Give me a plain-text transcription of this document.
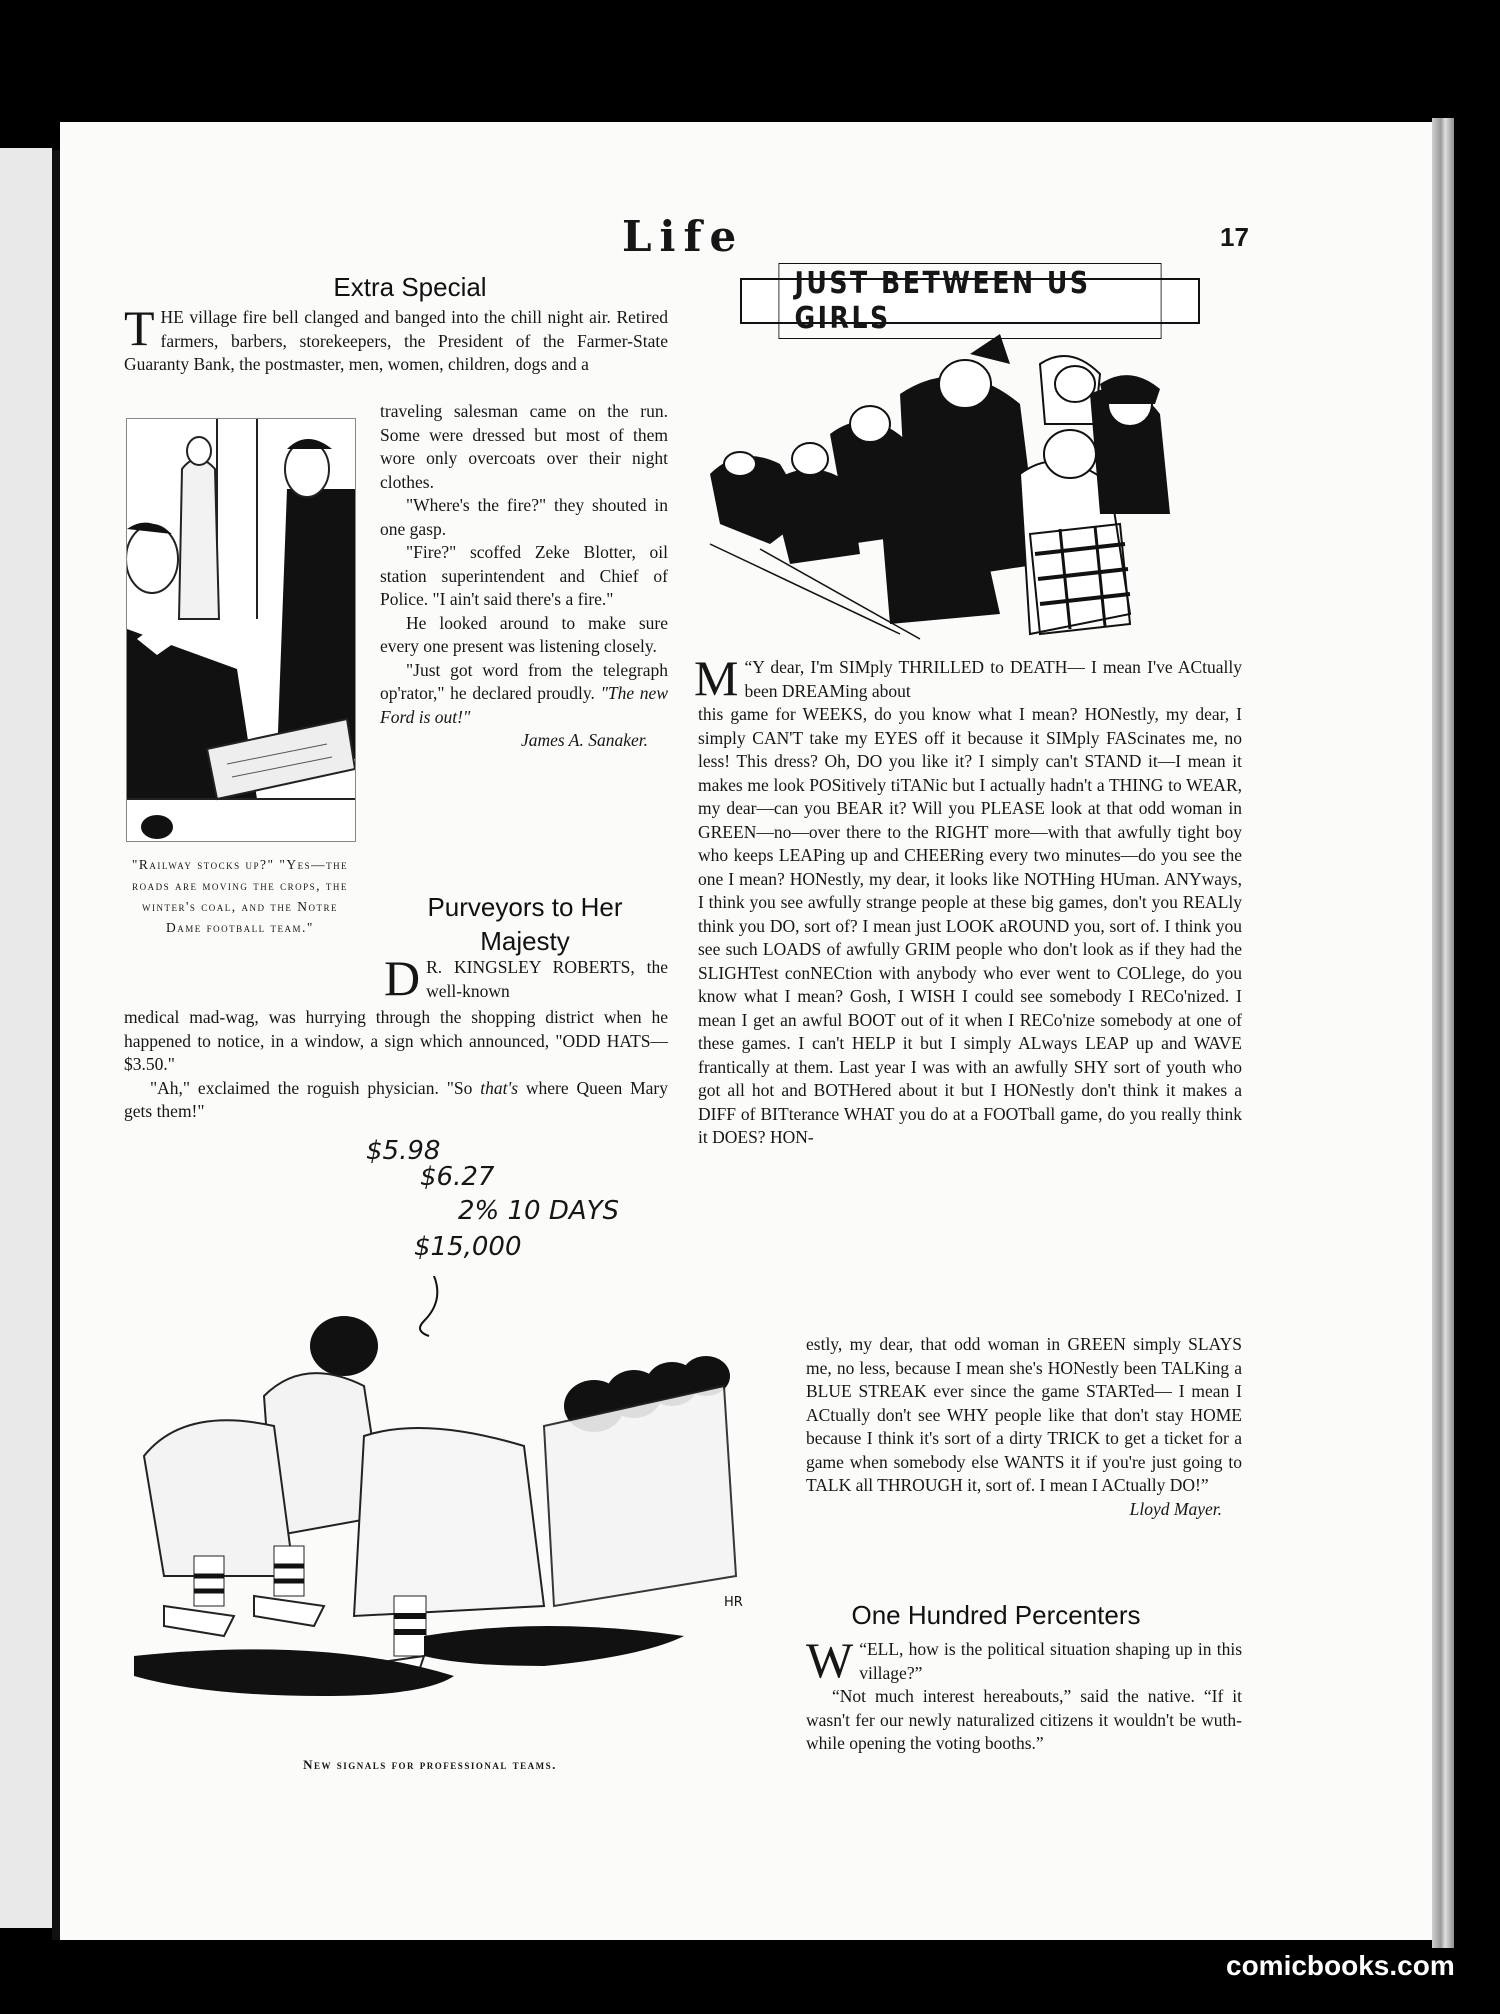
Life	17
Extra Special

THE village fire bell clanged and banged into the chill night air. Retired farmers, barbers, storekeepers, the President of the Farmer-State Guaranty Bank, the postmaster, men, women, children, dogs and a

traveling salesman came on the run. Some were dressed but most of them wore only overcoats over their night clothes.

"Where's the fire?" they shouted in one gasp.

"Fire?" scoffed Zeke Blotter, oil station superintendent and Chief of Police. "I ain't said there's a fire."

He looked around to make sure every one present was listening closely.

"Just got word from the telegraph op'rator," he declared proudly. "The new Ford is out!"

James A. Sanaker.

"Railway stocks up?" "Yes—the roads are moving the crops, the winter's coal, and the Notre Dame football team."
Purveyors to Her Majesty

D R. KINGSLEY ROBERTS, the well-known

medical mad-wag, was hurrying through the shopping district when he happened to notice, in a window, a sign which announced, "ODD HATS—$3.50."

"Ah," exclaimed the roguish physician. "So that's where Queen Mary gets them!"

$5.98
$6.27
2% 10 DAYS
$15,000
HR
New signals for professional teams.
JUST BETWEEN US GIRLS

M “Y dear, I'm SIMply THRILLED to DEATH— I mean I've ACtually been DREAMing about

this game for WEEKS, do you know what I mean? HONestly, my dear, I simply CAN'T take my EYES off it because it SIMply FAScinates me, no less! This dress? Oh, DO you like it? I simply can't STAND it—I mean it makes me look POSitively tiTANic but I actually hadn't a THING to WEAR, my dear—can you BEAR it? Will you PLEASE look at that odd woman in GREEN—no—over there to the RIGHT more—with that awfully tight boy who keeps LEAPing up and CHEERing every two minutes—do you see the one I mean? HONestly, my dear, it looks like NOTHing HUman. ANYways, I think you see awfully strange people at these big games, don't you REALly think you DO, sort of? I mean just LOOK aROUND you, sort of. I think you see such LOADS of awfully GRIM people who don't look as if they had the SLIGHTest conNECtion with anybody who ever went to COLlege, do you know what I mean? Gosh, I WISH I could see somebody I RECo'nized. I mean I get an awful BOOT out of it when I RECo'nize somebody at one of these games. I can't HELP it but I simply ALways LEAP up and WAVE frantically at them. Last year I was with an awfully SHY sort of youth who got all hot and BOTHered about it but I HONestly don't think it makes a DIFF of BITterance WHAT you do at a FOOTball game, do you really think it DOES? HON-

estly, my dear, that odd woman in GREEN simply SLAYS me, no less, because I mean she's HONestly been TALKing a BLUE STREAK ever since the game STARTed— I mean I ACtually don't see WHY people like that don't stay HOME because I think it's sort of a dirty TRICK to get a ticket for a game when somebody else WANTS it if you're just going to TALK all THROUGH it, sort of. I mean I ACtually DO!”

Lloyd Mayer.

One Hundred Percenters

W “ELL, how is the political situation shaping up in this village?”

“Not much interest hereabouts,” said the native. “If it wasn't fer our newly naturalized citizens it wouldn't be wuth-while opening the voting booths.”

comicbooks.com
